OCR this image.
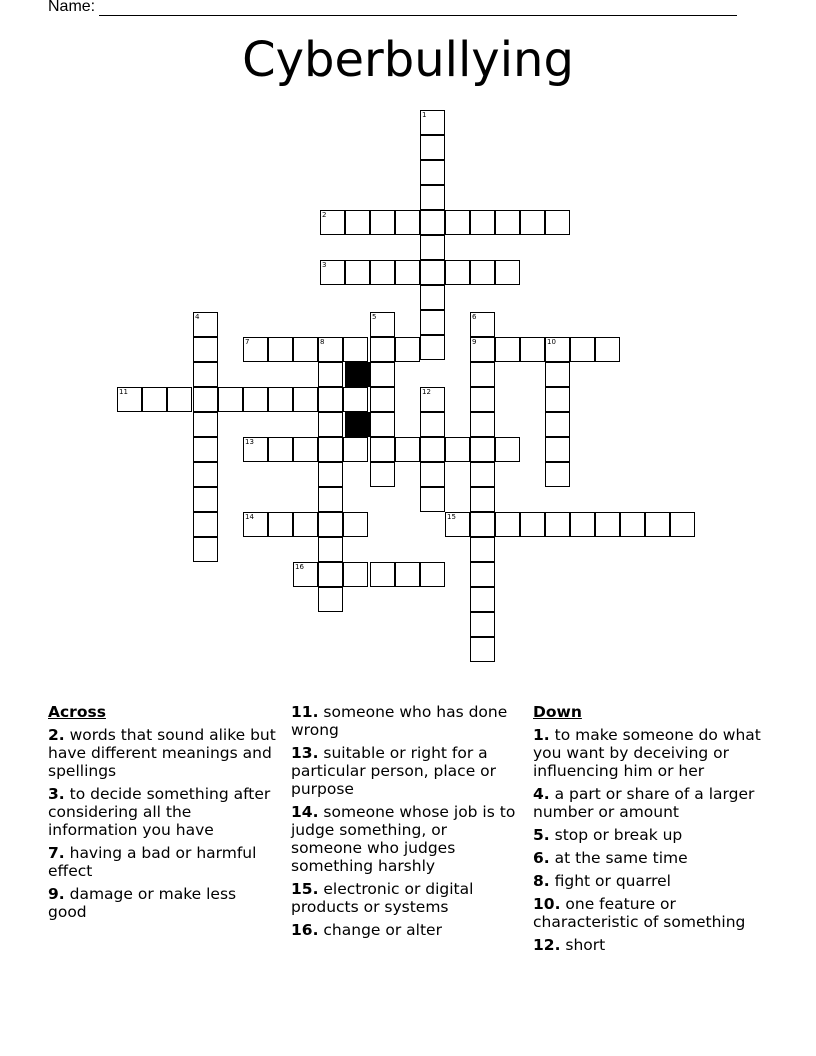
Name:
Cyberbullying
1
2
3
4	5	6
7	8	9	10
11	12
13
14	15
16
Across
2. words that sound alike but have different meanings and spellings
3. to decide something after considering all the information you have
7. having a bad or harmful effect
9. damage or make less good
11. someone who has done wrong
13. suitable or right for a particular person, place or purpose
14. someone whose job is to judge something, or someone who judges something harshly
15. electronic or digital products or systems
16. change or alter
Down
1. to make someone do what you want by deceiving or influencing him or her
4. a part or share of a larger number or amount
5. stop or break up
6. at the same time
8. fight or quarrel
10. one feature or characteristic of something
12. short
